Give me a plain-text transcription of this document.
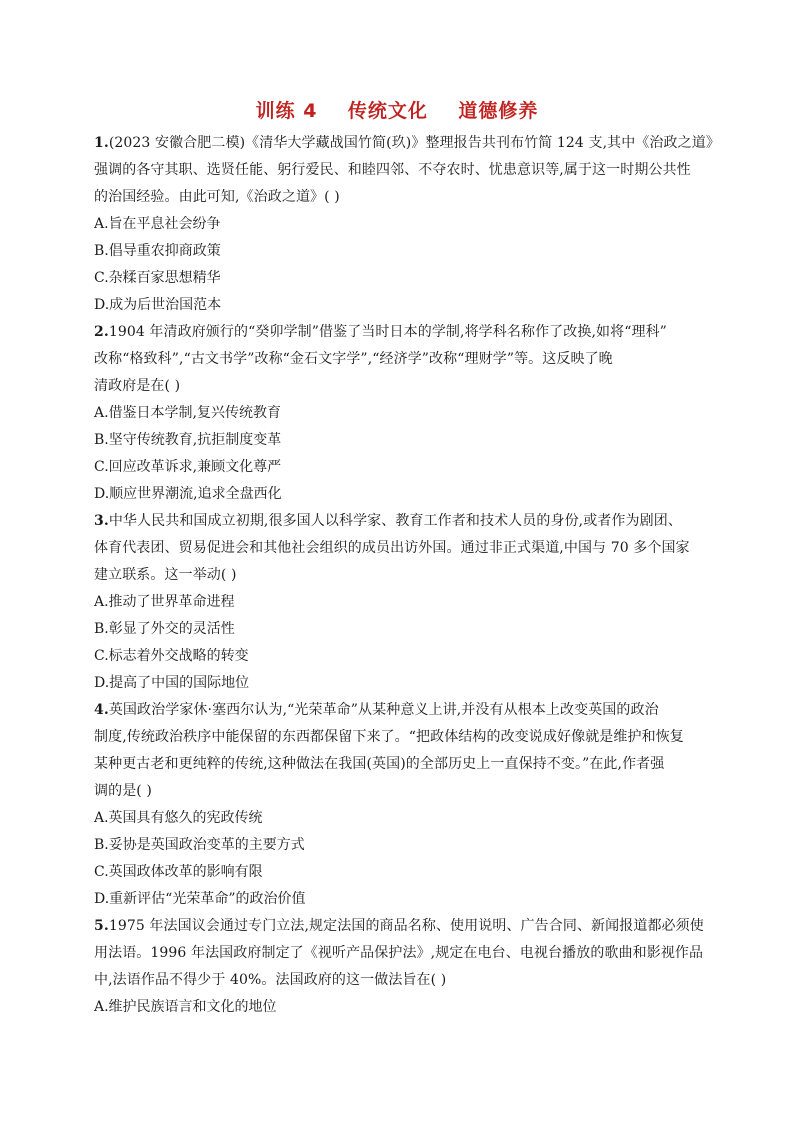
训练 4    传统文化    道德修养
1.(2023 安徽合肥二模)《清华大学藏战国竹简(玖)》整理报告共刊布竹简 124 支,其中《治政之道》
强调的各守其职、选贤任能、躬行爱民、和睦四邻、不夺农时、忧患意识等,属于这一时期公共性
的治国经验。由此可知,《治政之道》( )
A.旨在平息社会纷争
B.倡导重农抑商政策
C.杂糅百家思想精华
D.成为后世治国范本
2.1904 年清政府颁行的“癸卯学制”借鉴了当时日本的学制,将学科名称作了改换,如将“理科”
改称“格致科”,“古文书学”改称“金石文字学”,“经济学”改称“理财学”等。这反映了晚
清政府是在( )
A.借鉴日本学制,复兴传统教育
B.坚守传统教育,抗拒制度变革
C.回应改革诉求,兼顾文化尊严
D.顺应世界潮流,追求全盘西化
3.中华人民共和国成立初期,很多国人以科学家、教育工作者和技术人员的身份,或者作为剧团、
体育代表团、贸易促进会和其他社会组织的成员出访外国。通过非正式渠道,中国与 70 多个国家
建立联系。这一举动( )
A.推动了世界革命进程
B.彰显了外交的灵活性
C.标志着外交战略的转变
D.提高了中国的国际地位
4.英国政治学家休·塞西尔认为,“光荣革命”从某种意义上讲,并没有从根本上改变英国的政治
制度,传统政治秩序中能保留的东西都保留下来了。“把政体结构的改变说成好像就是维护和恢复
某种更古老和更纯粹的传统,这种做法在我国(英国)的全部历史上一直保持不变。”在此,作者强
调的是( )
A.英国具有悠久的宪政传统
B.妥协是英国政治变革的主要方式
C.英国政体改革的影响有限
D.重新评估“光荣革命”的政治价值
5.1975 年法国议会通过专门立法,规定法国的商品名称、使用说明、广告合同、新闻报道都必须使
用法语。1996 年法国政府制定了《视听产品保护法》,规定在电台、电视台播放的歌曲和影视作品
中,法语作品不得少于 40%。法国政府的这一做法旨在( )
A.维护民族语言和文化的地位
